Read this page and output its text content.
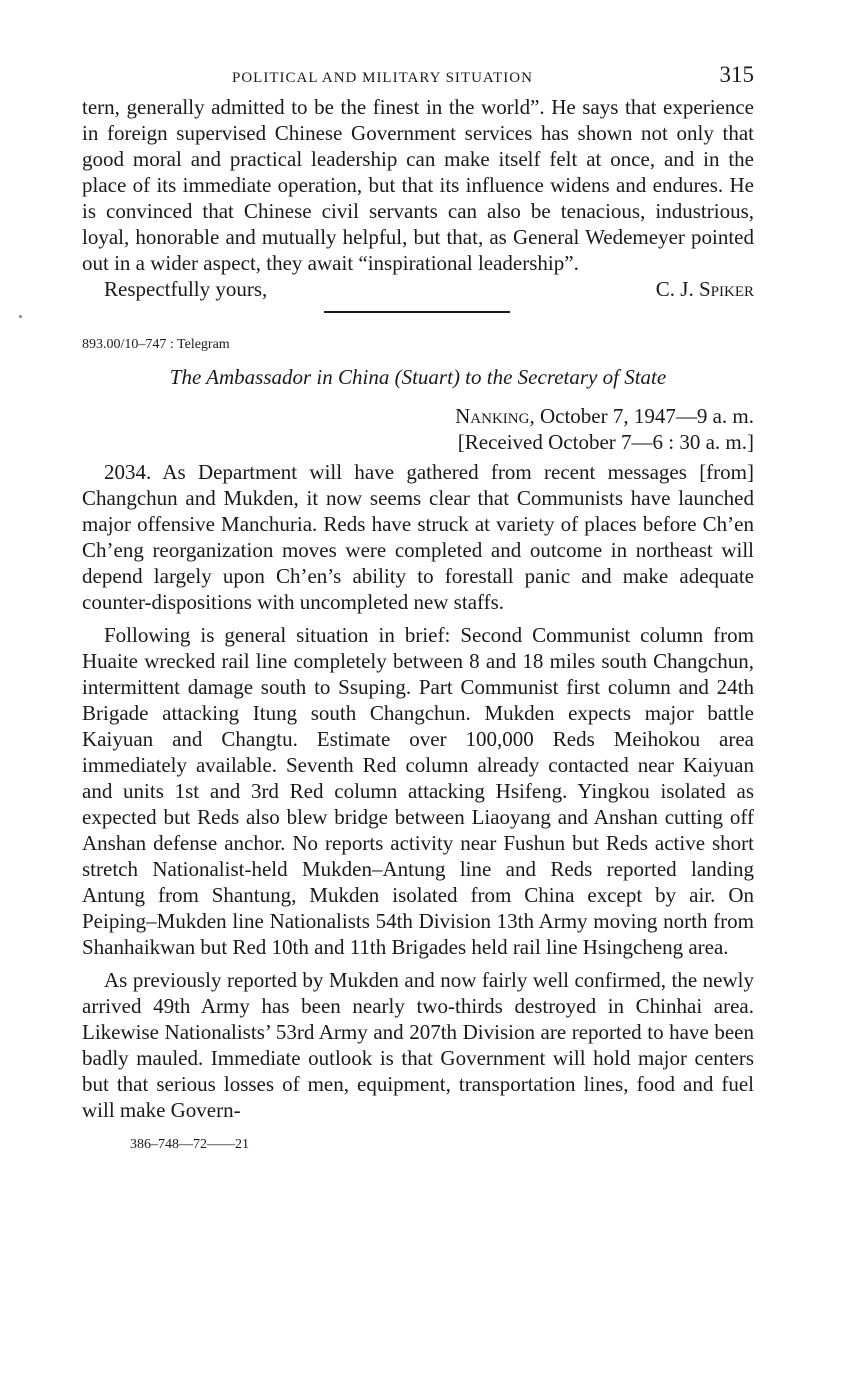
POLITICAL AND MILITARY SITUATION	315

tern, generally admitted to be the finest in the world”. He says that experience in foreign supervised Chinese Government services has shown not only that good moral and practical leadership can make itself felt at once, and in the place of its immediate operation, but that its influence widens and endures. He is convinced that Chinese civil servants can also be tenacious, industrious, loyal, honorable and mutually helpful, but that, as General Wedemeyer pointed out in a wider aspect, they await “inspirational leadership”.

Respectfully yours,	C. J. Spiker
893.00/10–747 : Telegram
The Ambassador in China (Stuart) to the Secretary of State
Nanking, October 7, 1947—9 a. m.
[Received October 7—6 : 30 a. m.]

2034. As Department will have gathered from recent messages [from] Changchun and Mukden, it now seems clear that Communists have launched major offensive Manchuria. Reds have struck at variety of places before Ch’en Ch’eng reorganization moves were completed and outcome in northeast will depend largely upon Ch’en’s ability to forestall panic and make adequate counter-dispositions with uncompleted new staffs.

Following is general situation in brief: Second Communist column from Huaite wrecked rail line completely between 8 and 18 miles south Changchun, intermittent damage south to Ssuping. Part Communist first column and 24th Brigade attacking Itung south Changchun. Mukden expects major battle Kaiyuan and Changtu. Estimate over 100,000 Reds Meihokou area immediately available. Seventh Red column already contacted near Kaiyuan and units 1st and 3rd Red column attacking Hsifeng. Yingkou isolated as expected but Reds also blew bridge between Liaoyang and Anshan cutting off Anshan defense anchor. No reports activity near Fushun but Reds active short stretch Nationalist-held Mukden–Antung line and Reds reported landing Antung from Shantung, Mukden isolated from China except by air. On Peiping–Mukden line Nationalists 54th Division 13th Army moving north from Shanhaikwan but Red 10th and 11th Brigades held rail line Hsingcheng area.

As previously reported by Mukden and now fairly well confirmed, the newly arrived 49th Army has been nearly two-thirds destroyed in Chinhai area. Likewise Nationalists’ 53rd Army and 207th Division are reported to have been badly mauled. Immediate outlook is that Government will hold major centers but that serious losses of men, equipment, transportation lines, food and fuel will make Govern-

386–748—72——21
